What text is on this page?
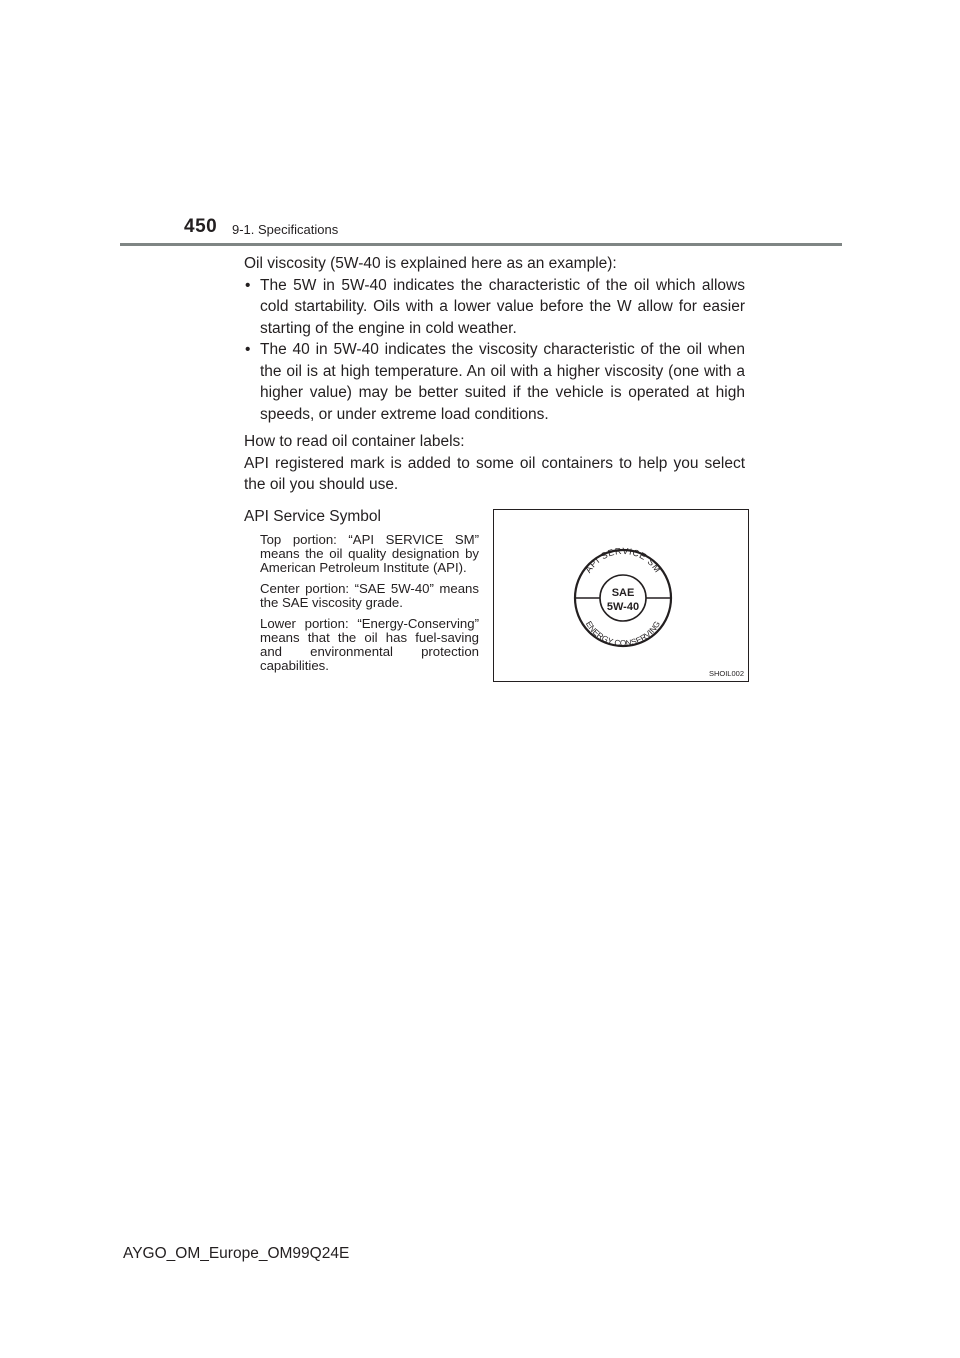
450 9-1. Specifications

Oil viscosity (5W-40 is explained here as an example):

• The 5W in 5W-40 indicates the characteristic of the oil which allows cold startability. Oils with a lower value before the W allow for easier starting of the engine in cold weather.
• The 40 in 5W-40 indicates the viscosity characteristic of the oil when the oil is at high temperature. An oil with a higher viscosity (one with a higher value) may be better suited if the vehicle is operated at high speeds, or under extreme load conditions.

How to read oil container labels:

API registered mark is added to some oil containers to help you select the oil you should use.

API Service Symbol

Top portion: “API SERVICE SM” means the oil quality designation by American Petroleum Institute (API).

Center portion: “SAE 5W-40” means the SAE viscosity grade.

Lower portion: “Energy-Conserving” means that the oil has fuel-saving and environmental protection capabilities.

API SERVICE SM
ENERGY CONSERVING
SAE
5W-40
SHOIL002
AYGO_OM_Europe_OM99Q24E
